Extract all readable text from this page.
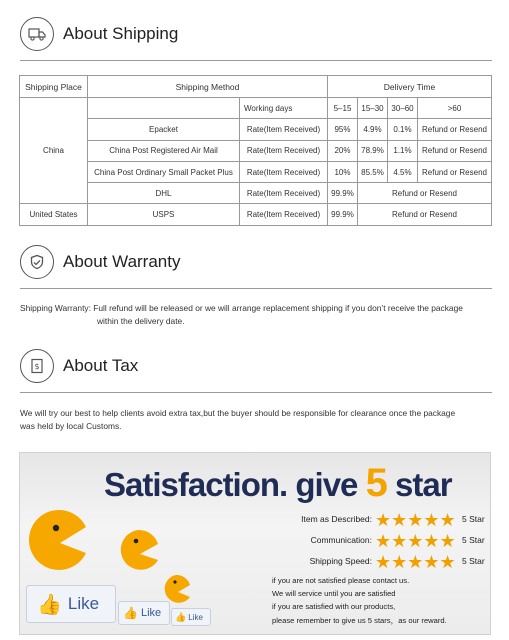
About Shipping
Shipping Place	Shipping Method		Delivery Time			
China		Working days	5–15	15–30	30–60	>60
	Epacket	Rate(Item Received)	95%	4.9%	0.1%	Refund or Resend
	China Post Registered Air Mail	Rate(Item Received)	20%	78.9%	1.1%	Refund or Resend
	China Post Ordinary Small Packet Plus	Rate(Item Received)	10%	85.5%	4.5%	Refund or Resend
	DHL	Rate(Item Received)	99.9%	Refund or Resend		
United States	USPS	Rate(Item Received)	99.9%	Refund or Resend		
About Warranty
Shipping Warranty: Full refund will be released or we will arrange replacement shipping if you don’t receive the package
within the delivery date.
$ About Tax
We will try our best to help clients avoid extra tax,but the buyer should be responsible for clearance once the package
was held by local Customs.
Satisfaction. give 5 star
👍 Like 👍 Like 👍 Like
Item as Described: ★★★★★ 5 Star
Communication: ★★★★★ 5 Star
Shipping Speed: ★★★★★ 5 Star
if you are not satisfied please contact us.
We will service until you are satisfied
if you are satisfied with our products,
please remember to give us 5 stars，as our reward.
